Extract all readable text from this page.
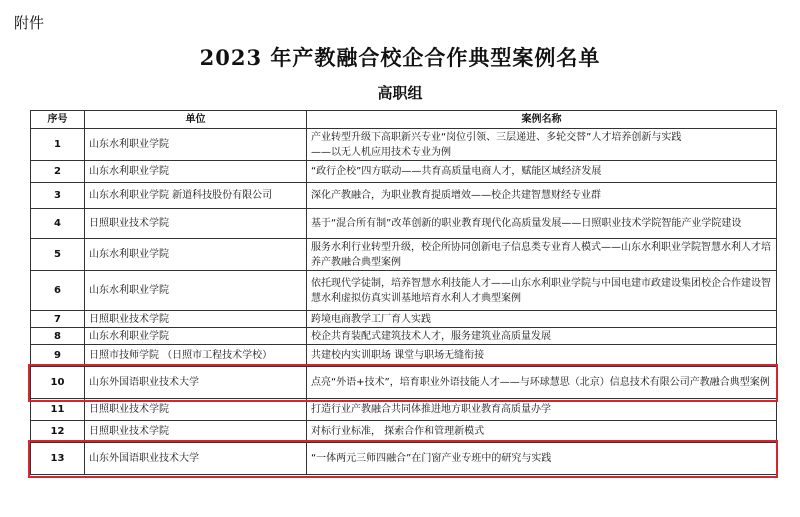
附件
2023 年产教融合校企合作典型案例名单
高职组
序号	单位	案例名称
1	山东水利职业学院	产业转型升级下高职新兴专业“岗位引领、三层递进、多轮交替”人才培养创新与实践
——以无人机应用技术专业为例
2	山东水利职业学院	“政行企校”四方联动——共育高质量电商人才，赋能区域经济发展
3	山东水利职业学院 新道科技股份有限公司	深化产教融合，为职业教育提质增效——校企共建智慧财经专业群
4	日照职业技术学院	基于“混合所有制”改革创新的职业教育现代化高质量发展——日照职业技术学院智能产业学院建设
5	山东水利职业学院	服务水利行业转型升级，校企所协同创新电子信息类专业育人模式——山东水利职业学院智慧水利人才培养产教融合典型案例
6	山东水利职业学院	依托现代学徒制，培养智慧水利技能人才——山东水利职业学院与中国电建市政建设集团校企合作建设智慧水利虚拟仿真实训基地培育水利人才典型案例
7	日照职业技术学院	跨境电商教学工厂育人实践
8	山东水利职业学院	校企共育装配式建筑技术人才，服务建筑业高质量发展
9	日照市技师学院 （日照市工程技术学校）	共建校内实训职场 课堂与职场无缝衔接
10	山东外国语职业技术大学	点亮“外语+技术”，培育职业外语技能人才——与环球慧思（北京）信息技术有限公司产教融合典型案例
11	日照职业技术学院	打造行业产教融合共同体推进地方职业教育高质量办学
12	日照职业技术学院	对标行业标准， 探索合作和管理新模式
13	山东外国语职业技术大学	“一体两元三师四融合”在门窗产业专班中的研究与实践
